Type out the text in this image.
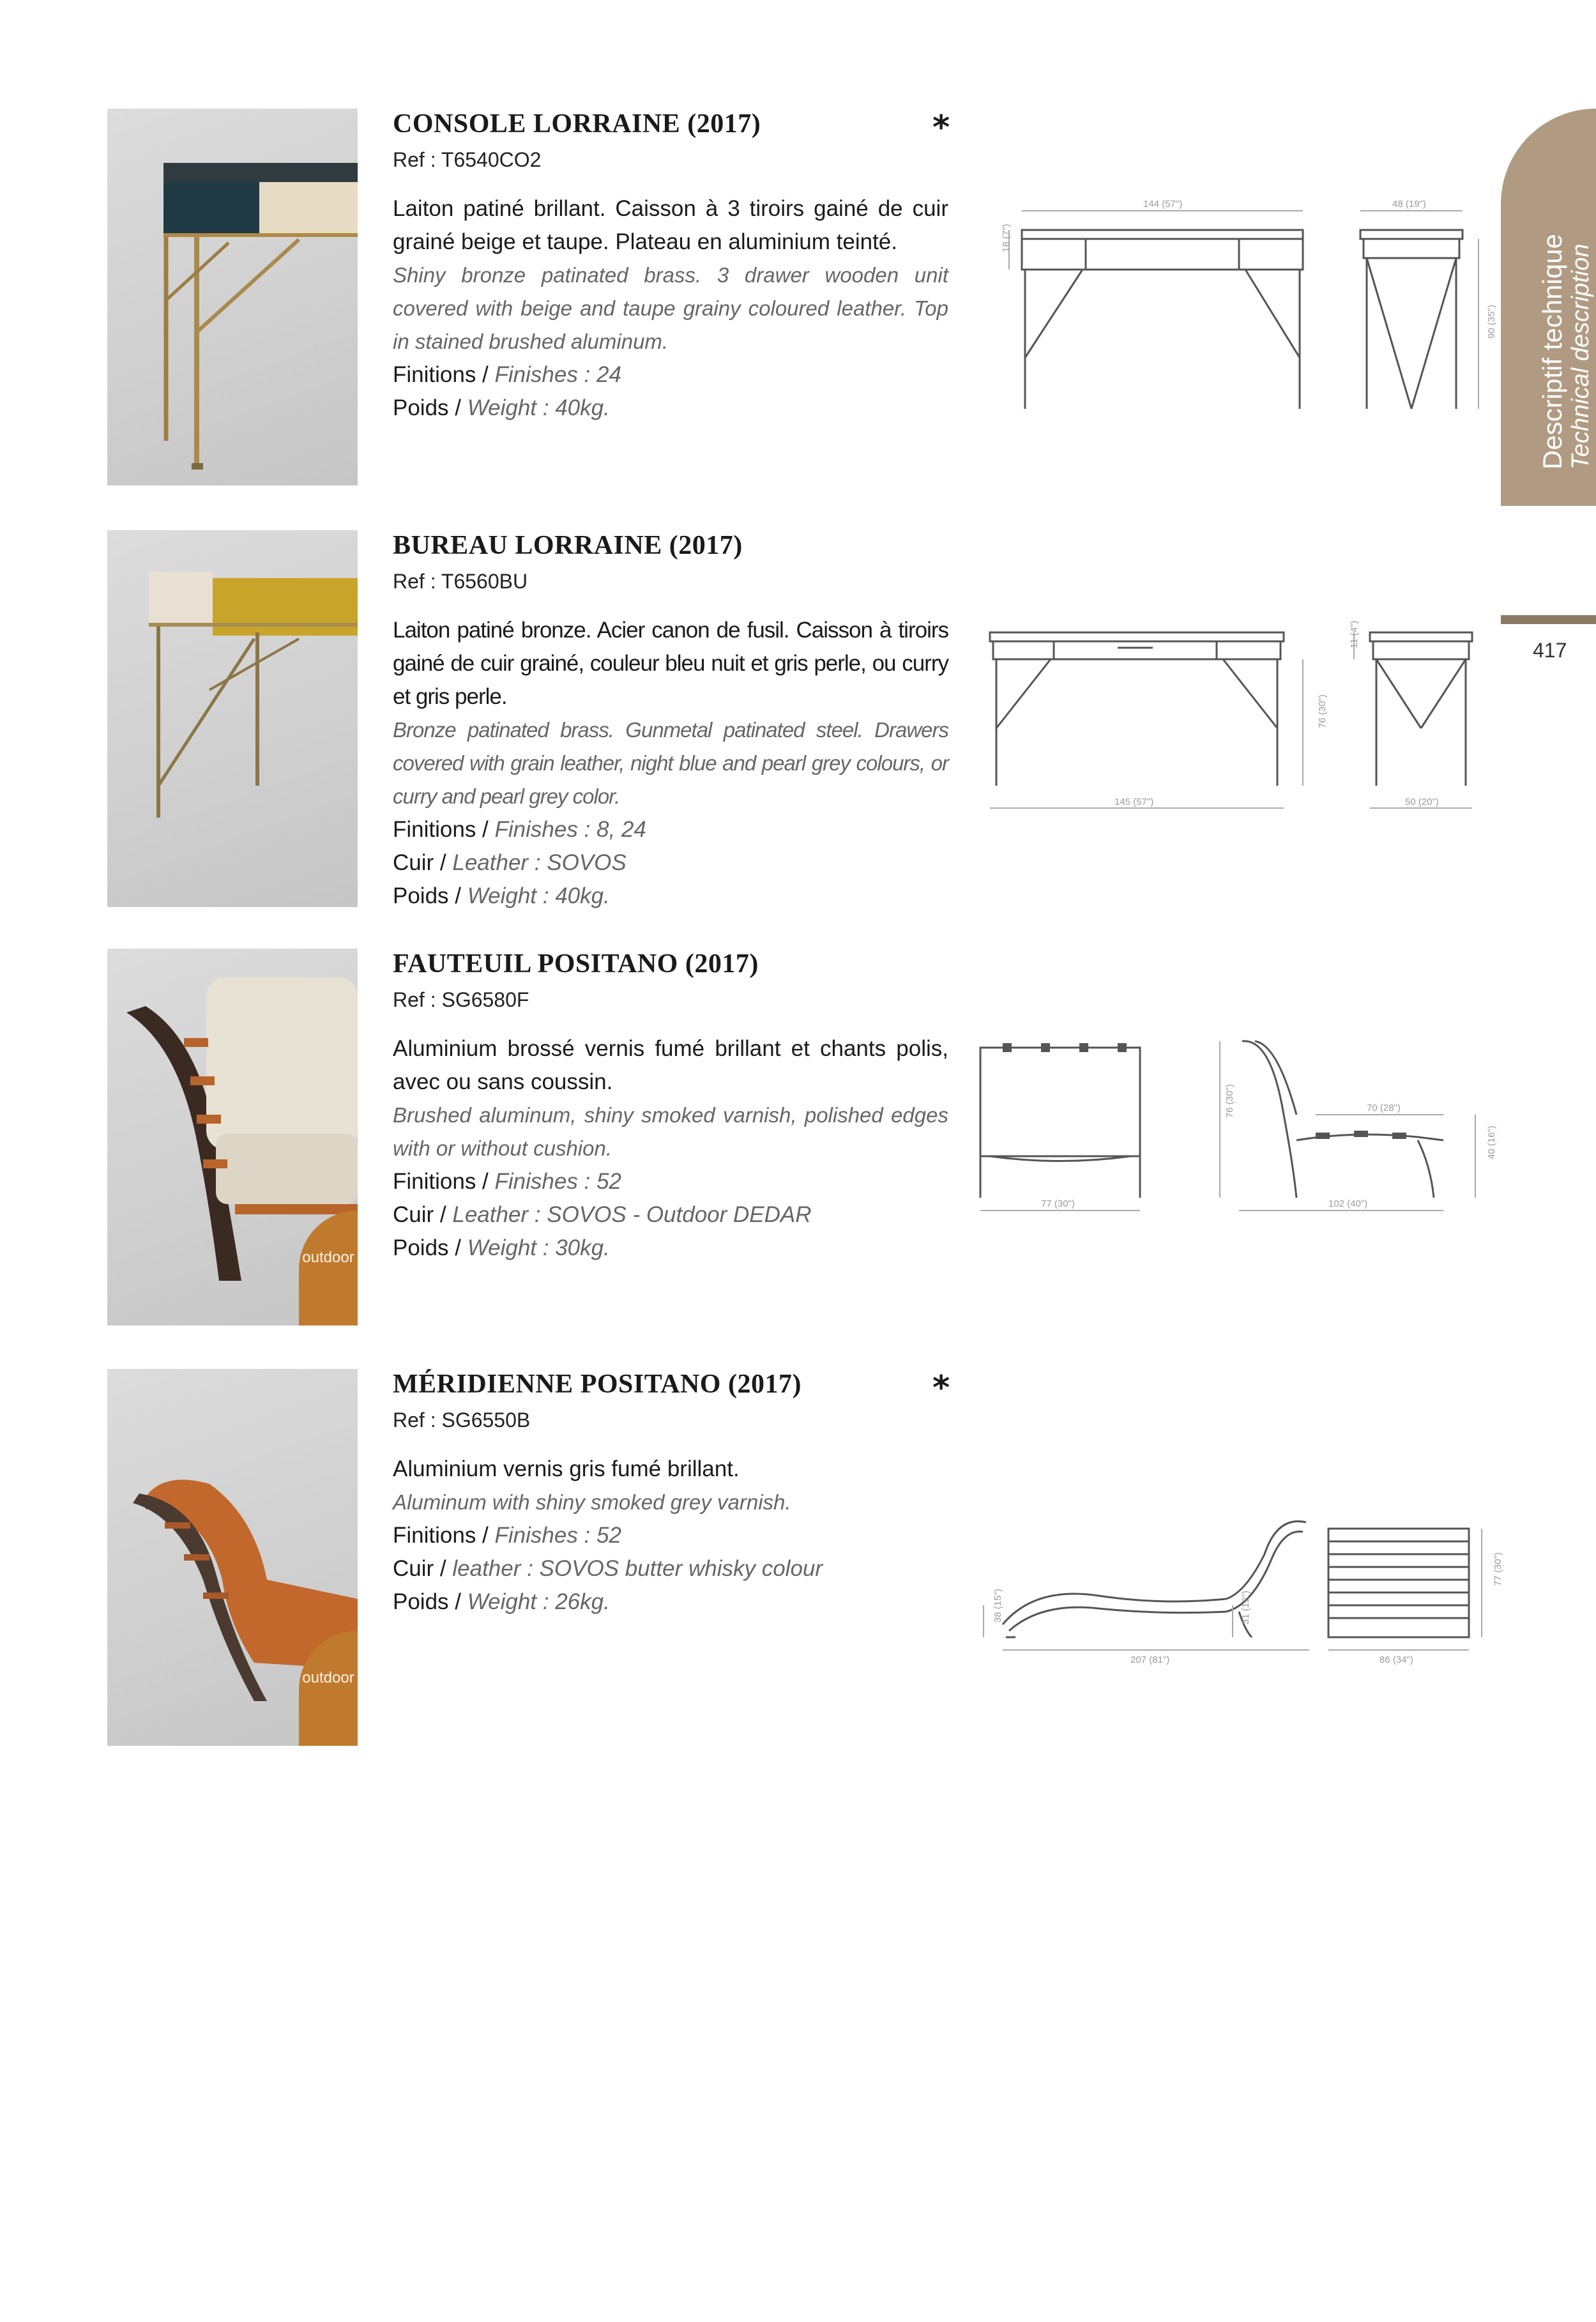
Descriptif technique Technical description
417
CONSOLE LORRAINE (2017)
Ref : T6540CO2
Laiton patiné brillant. Caisson à 3 tiroirs gainé de cuir grainé beige et taupe. Plateau en aluminium teinté.
Shiny bronze patinated brass. 3 drawer wooden unit covered with beige and taupe grainy coloured leather. Top in stained brushed aluminum.
Finitions / Finishes : 24
Poids / Weight : 40kg.
*
144 (57")	48 (19")
18 (7")
90 (35")
BUREAU LORRAINE (2017)
Ref : T6560BU
Laiton patiné bronze. Acier canon de fusil. Caisson à tiroirs gainé de cuir grainé, couleur bleu nuit et gris perle, ou curry et gris perle.
Bronze patinated brass. Gunmetal patinated steel. Drawers covered with grain leather, night blue and pearl grey colours, or curry and pearl grey color.
Finitions / Finishes : 8, 24
Cuir / Leather : SOVOS
Poids / Weight : 40kg.
145 (57")	50 (20")
11 (4")
76 (30")
outdoor
FAUTEUIL POSITANO (2017)
Ref : SG6580F
Aluminium brossé vernis fumé brillant et chants polis, avec ou sans coussin.
Brushed aluminum, shiny smoked varnish, polished edges with or without cushion.
Finitions / Finishes : 52
Cuir / Leather : SOVOS - Outdoor DEDAR
Poids / Weight : 30kg.
77 (30")
76 (30")	70 (28")
102 (40")
40 (16")
outdoor
MÉRIDIENNE POSITANO (2017)
Ref : SG6550B
Aluminium vernis gris fumé brillant.
Aluminum with shiny smoked grey varnish.
Finitions / Finishes : 52
Cuir / leather : SOVOS butter whisky colour
Poids / Weight : 26kg.
*
38 (15")
207 (81")
31 (12")
77 (30")
86 (34")
